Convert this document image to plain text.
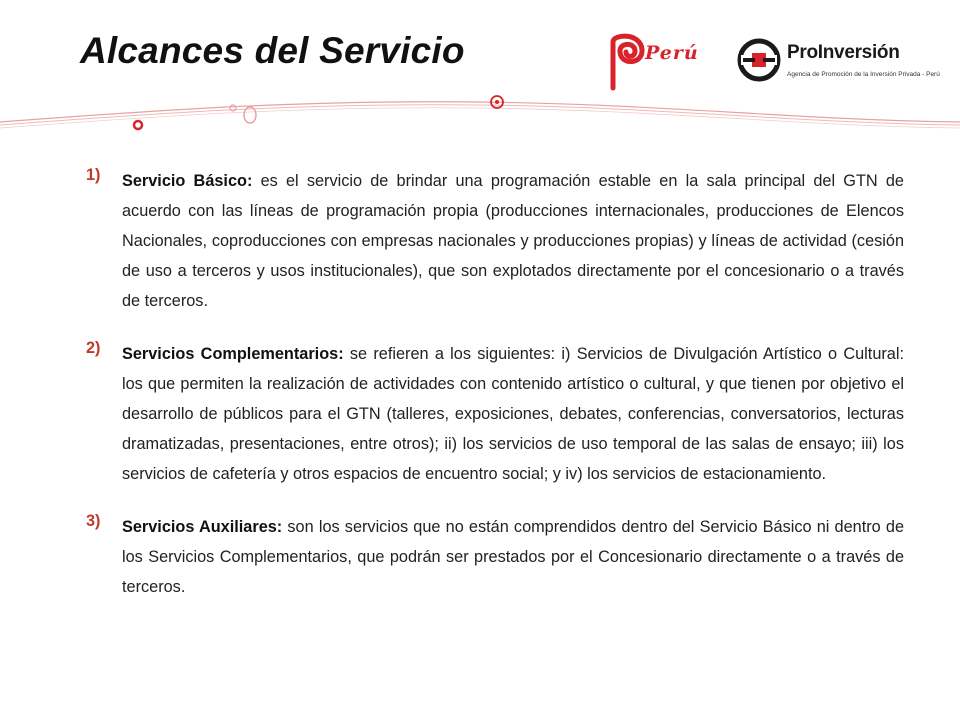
Alcances del Servicio	Perú	ProInversión
Agencia de Promoción de la Inversión Privada - Perú
1) Servicio Básico: es el servicio de brindar una programación estable en la sala principal del GTN de acuerdo con las líneas de programación propia (producciones internacionales, producciones de Elencos Nacionales, coproducciones con empresas nacionales y producciones propias) y líneas de actividad (cesión de uso a terceros y usos institucionales), que son explotados directamente por el concesionario o a través de terceros.

2) Servicios Complementarios: se refieren a los siguientes: i) Servicios de Divulgación Artístico o Cultural: los que permiten la realización de actividades con contenido artístico o cultural, y que tienen por objetivo el desarrollo de públicos para el GTN (talleres, exposiciones, debates, conferencias, conversatorios, lecturas dramatizadas, presentaciones, entre otros); ii) los servicios de uso temporal de las salas de ensayo; iii) los servicios de cafetería y otros espacios de encuentro social; y iv) los servicios de estacionamiento.

3) Servicios Auxiliares: son los servicios que no están comprendidos dentro del Servicio Básico ni dentro de los Servicios Complementarios, que podrán ser prestados por el Concesionario directamente o a través de terceros.
